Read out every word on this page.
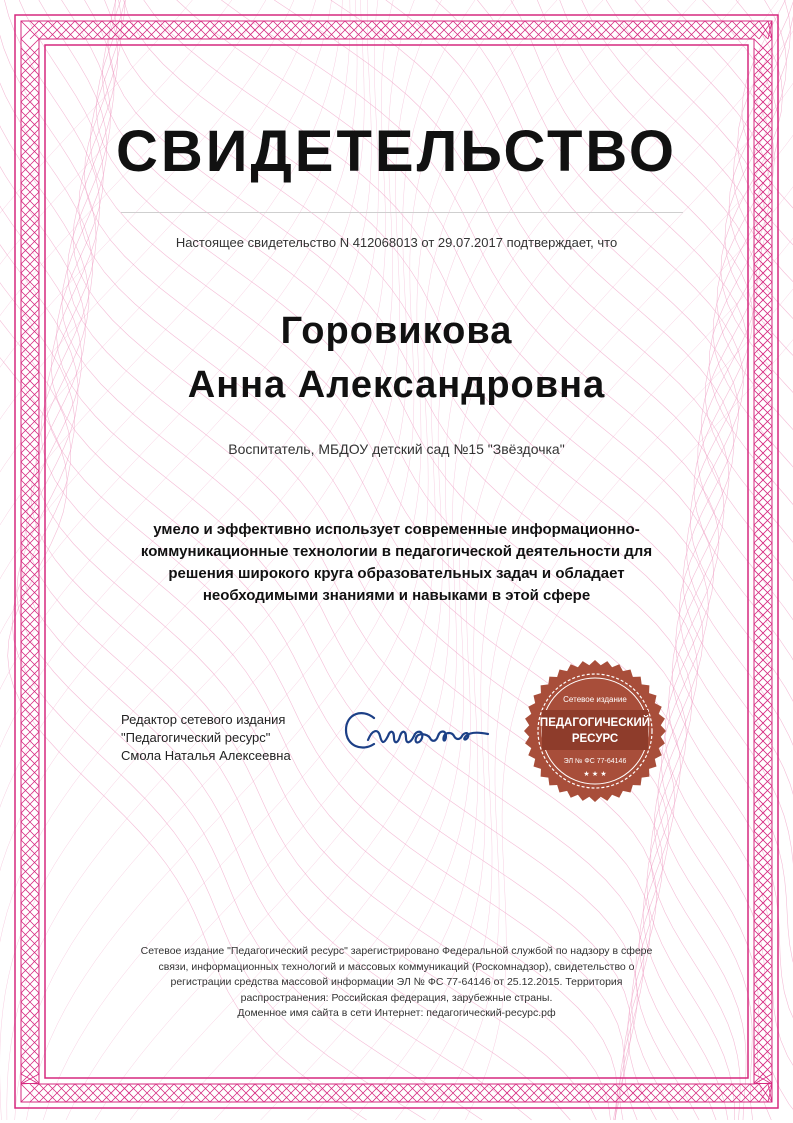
СВИДЕТЕЛЬСТВО
Настоящее свидетельство N 412068013 от 29.07.2017 подтверждает, что
Горовикова
Анна Александровна
Воспитатель, МБДОУ детский сад №15 "Звёздочка"
умело и эффективно использует современные информационно-
коммуникационные технологии в педагогической деятельности для
решения широкого круга образовательных задач и обладает
необходимыми знаниями и навыками в этой сфере
Редактор сетевого издания
"Педагогический ресурс"
Смола Наталья Алексеевна
Сетевое издание
ПЕДАГОГИЧЕСКИЙ
РЕСУРС
ЭЛ № ФС 77-64146
★ ★ ★
Сетевое издание "Педагогический ресурс" зарегистрировано Федеральной службой по надзору в сфере
связи, информационных технологий и массовых коммуникаций (Роскомнадзор), свидетельство о
регистрации средства массовой информации ЭЛ № ФС 77-64146 от 25.12.2015. Территория
распространения: Российская федерация, зарубежные страны.
Доменное имя сайта в сети Интернет: педагогический-ресурс.рф
